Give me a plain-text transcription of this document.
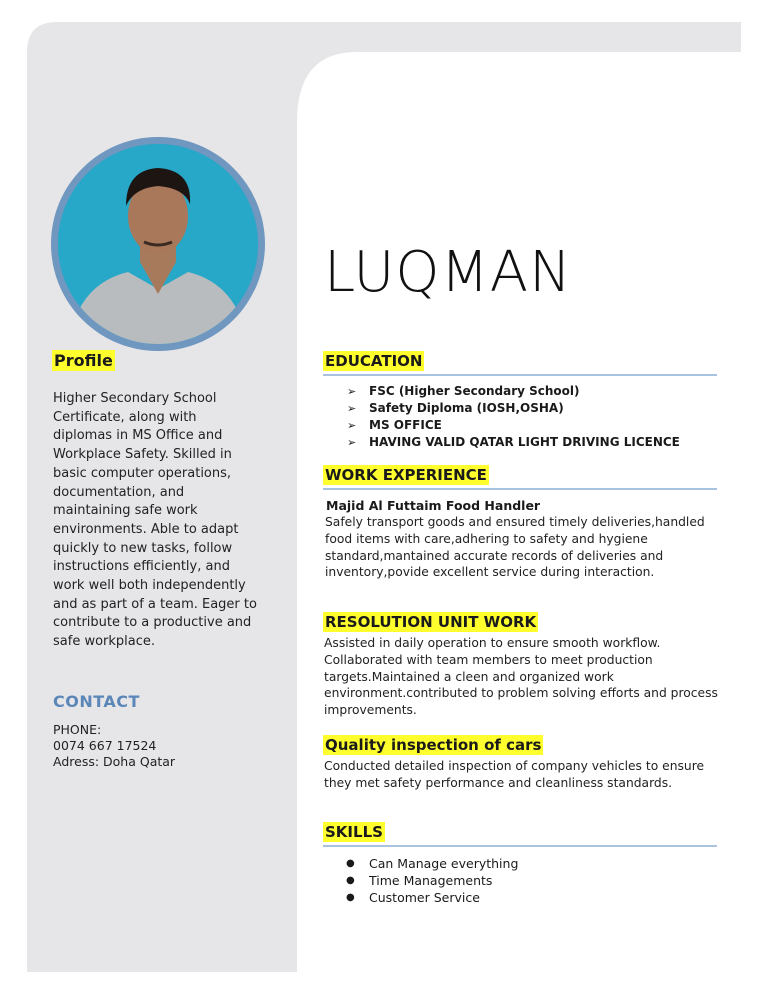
LUQMAN
Profile
Higher Secondary School Certificate, along with diplomas in MS Office and Workplace Safety. Skilled in basic computer operations, documentation, and maintaining safe work environments. Able to adapt quickly to new tasks, follow instructions efficiently, and work well both independently and as part of a team. Eager to contribute to a productive and safe workplace.
CONTACT
PHONE:
0074 667 17524
Adress: Doha Qatar
EDUCATION
➢ FSC (Higher Secondary School)
➢ Safety Diploma (IOSH,OSHA)
➢ MS OFFICE
➢ HAVING VALID QATAR LIGHT DRIVING LICENCE
WORK EXPERIENCE
Majid Al Futtaim Food Handler
Safely transport goods and ensured timely deliveries,handled food items with care,adhering to safety and hygiene standard,mantained accurate records of deliveries and inventory,povide excellent service during interaction.
RESOLUTION UNIT WORK
Assisted in daily operation to ensure smooth workflow. Collaborated with team members to meet production targets.Maintained a cleen and organized work environment.contributed to problem solving efforts and process improvements.
Quality inspection of cars
Conducted detailed inspection of company vehicles to ensure they met safety performance and cleanliness standards.
SKILLS
● Can Manage everything
● Time Managements
● Customer Service
